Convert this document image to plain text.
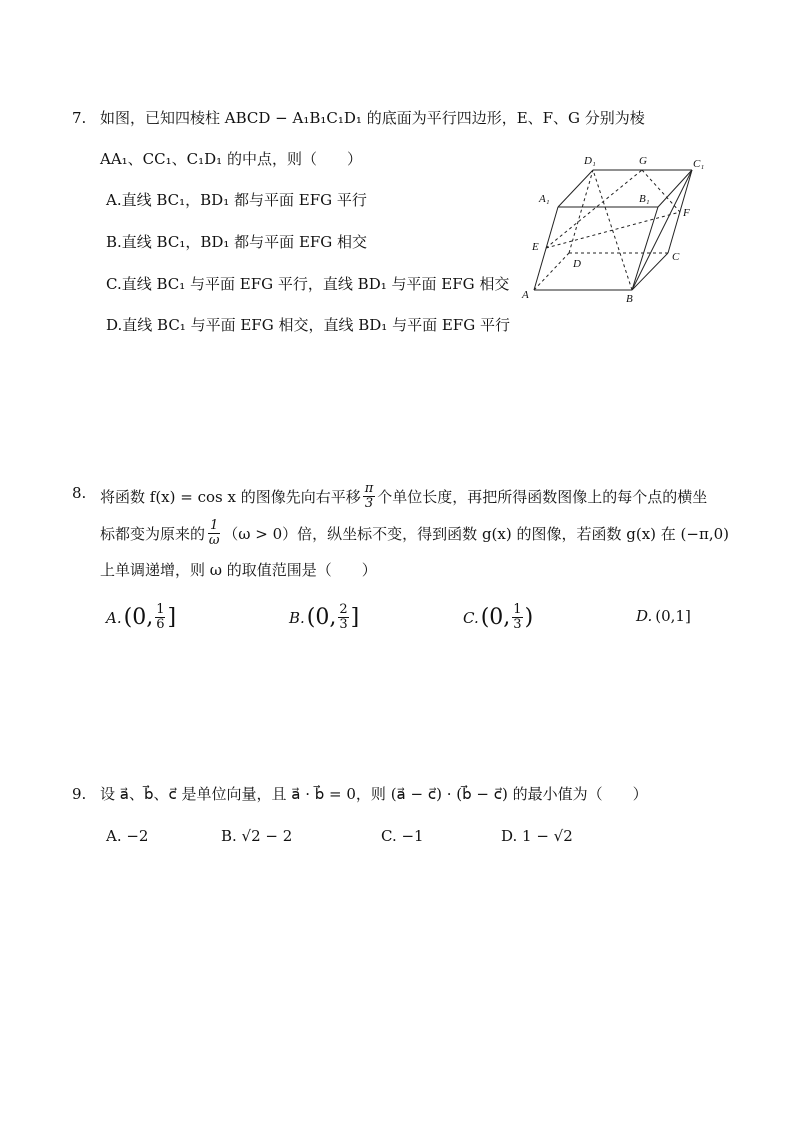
7. 如图，已知四棱柱 ABCD − A₁B₁C₁D₁ 的底面为平行四边形，E、F、G 分别为棱
AA₁、CC₁、C₁D₁ 的中点，则（　　）
A.直线 BC₁，BD₁ 都与平面 EFG 平行
B.直线 BC₁，BD₁ 都与平面 EFG 相交
C.直线 BC₁ 与平面 EFG 平行，直线 BD₁ 与平面 EFG 相交
D.直线 BC₁ 与平面 EFG 相交，直线 BD₁ 与平面 EFG 平行
D₁	G	C₁
A₁	B₁
F
E
D
C
A	B
8. 将函数 f(x) = cos x 的图像先向右平移 $\frac{\pi}{3}$ 个单位长度，再把所得函数图像上的每个点的横坐
标都变为原来的 $\frac{1}{\omega} (\omega > 0)$倍，纵坐标不变，得到函数 g(x) 的图像，若函数 g(x) 在 (−π,0)
上单调递增，则 ω 的取值范围是（　　）
A. (0, $\frac{1}{6}$ ]	B. (0, $\frac{2}{3}$ ]	C. (0, $\frac{1}{3}$ )	D. (0,1]
9. 设 a⃗、b⃗、c⃗ 是单位向量，且 a⃗ · b⃗ = 0，则 (a⃗ − c⃗) · (b⃗ − c⃗) 的最小值为（　　）
A. −2	B. √2 − 2	C. −1	D. 1 − √2
